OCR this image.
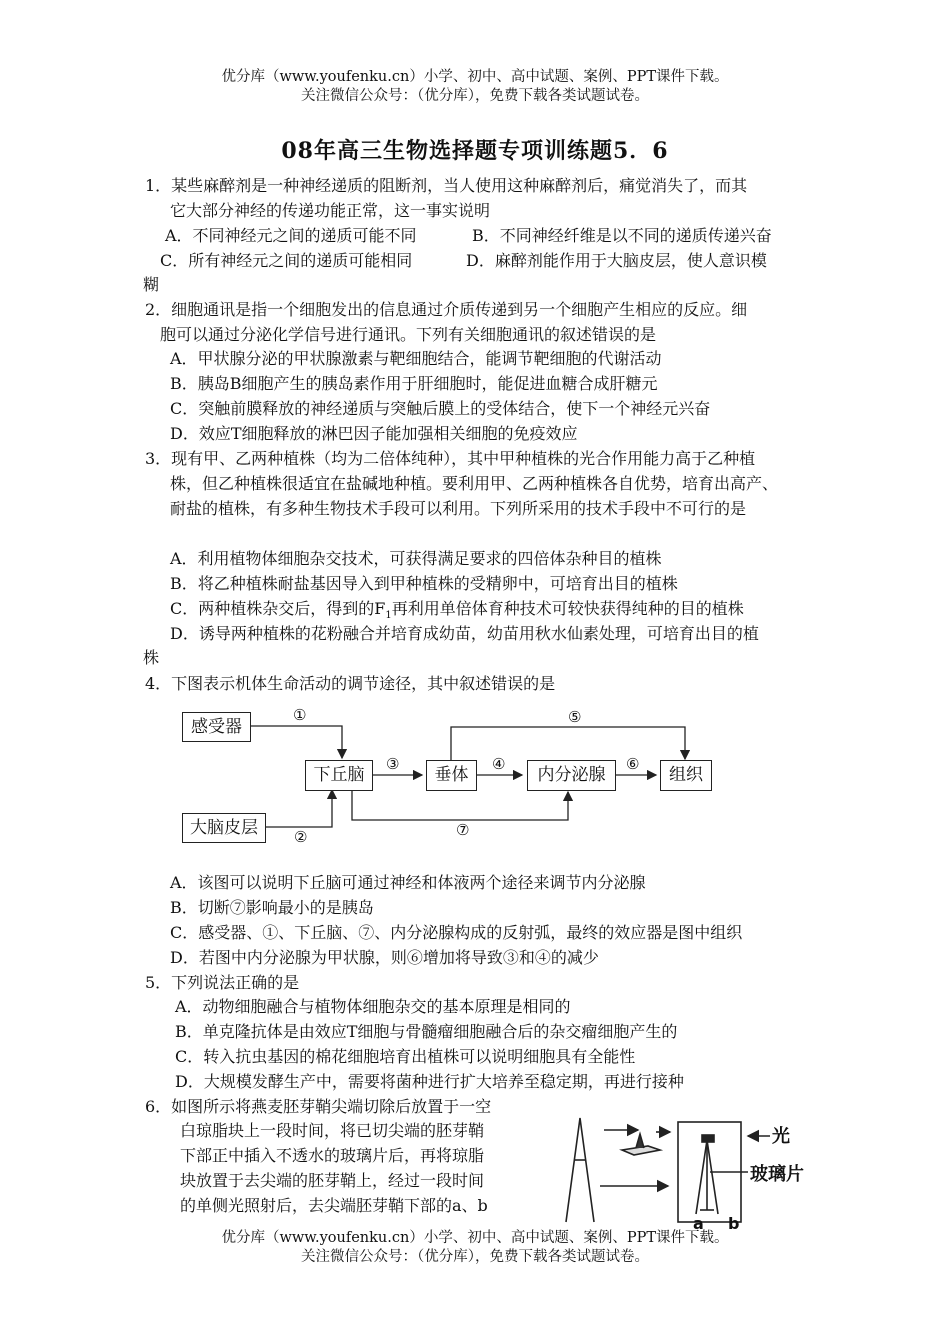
优分库（www.youfenku.cn）小学、初中、高中试题、案例、PPT课件下载。
关注微信公众号：（优分库），免费下载各类试题试卷。
08年高三生物选择题专项训练题5．6
1．某些麻醉剂是一种神经递质的阻断剂，当人使用这种麻醉剂后，痛觉消失了，而其
它大部分神经的传递功能正常，这一事实说明
A．不同神经元之间的递质可能不同	B．不同神经纤维是以不同的递质传递兴奋
C．所有神经元之间的递质可能相同	D．麻醉剂能作用于大脑皮层，使人意识模
糊
2．细胞通讯是指一个细胞发出的信息通过介质传递到另一个细胞产生相应的反应。细
胞可以通过分泌化学信号进行通讯。下列有关细胞通讯的叙述错误的是
A．甲状腺分泌的甲状腺激素与靶细胞结合，能调节靶细胞的代谢活动
B．胰岛B细胞产生的胰岛素作用于肝细胞时，能促进血糖合成肝糖元
C．突触前膜释放的神经递质与突触后膜上的受体结合，使下一个神经元兴奋
D．效应T细胞释放的淋巴因子能加强相关细胞的免疫效应
3．现有甲、乙两种植株（均为二倍体纯种），其中甲种植株的光合作用能力高于乙种植
株，但乙种植株很适宜在盐碱地种植。要利用甲、乙两种植株各自优势，培育出高产、
耐盐的植株，有多种生物技术手段可以利用。下列所采用的技术手段中不可行的是
A．利用植物体细胞杂交技术，可获得满足要求的四倍体杂种目的植株
B．将乙种植株耐盐基因导入到甲种植株的受精卵中，可培育出目的植株
C．两种植株杂交后，得到的$F_1$再利用单倍体育种技术可较快获得纯种的目的植株
D．诱导两种植株的花粉融合并培育成幼苗，幼苗用秋水仙素处理，可培育出目的植
株
4．下图表示机体生命活动的调节途径，其中叙述错误的是
感受器
大脑皮层
下丘脑	垂体	内分泌腺	组织
①
②
③	④
⑤
⑥
⑦
A．该图可以说明下丘脑可通过神经和体液两个途径来调节内分泌腺
B．切断⑦影响最小的是胰岛
C．感受器、①、下丘脑、⑦、内分泌腺构成的反射弧，最终的效应器是图中组织
D．若图中内分泌腺为甲状腺，则⑥增加将导致③和④的减少
5．下列说法正确的是
A．动物细胞融合与植物体细胞杂交的基本原理是相同的
B．单克隆抗体是由效应T细胞与骨髓瘤细胞融合后的杂交瘤细胞产生的
C．转入抗虫基因的棉花细胞培育出植株可以说明细胞具有全能性
D．大规模发酵生产中，需要将菌种进行扩大培养至稳定期，再进行接种
6．如图所示将燕麦胚芽鞘尖端切除后放置于一空
白琼脂块上一段时间，将已切尖端的胚芽鞘
下部正中插入不透水的玻璃片后，再将琼脂
块放置于去尖端的胚芽鞘上，经过一段时间
的单侧光照射后，去尖端胚芽鞘下部的a、b
光
玻璃片
a b
优分库（www.youfenku.cn）小学、初中、高中试题、案例、PPT课件下载。
关注微信公众号：（优分库），免费下载各类试题试卷。
